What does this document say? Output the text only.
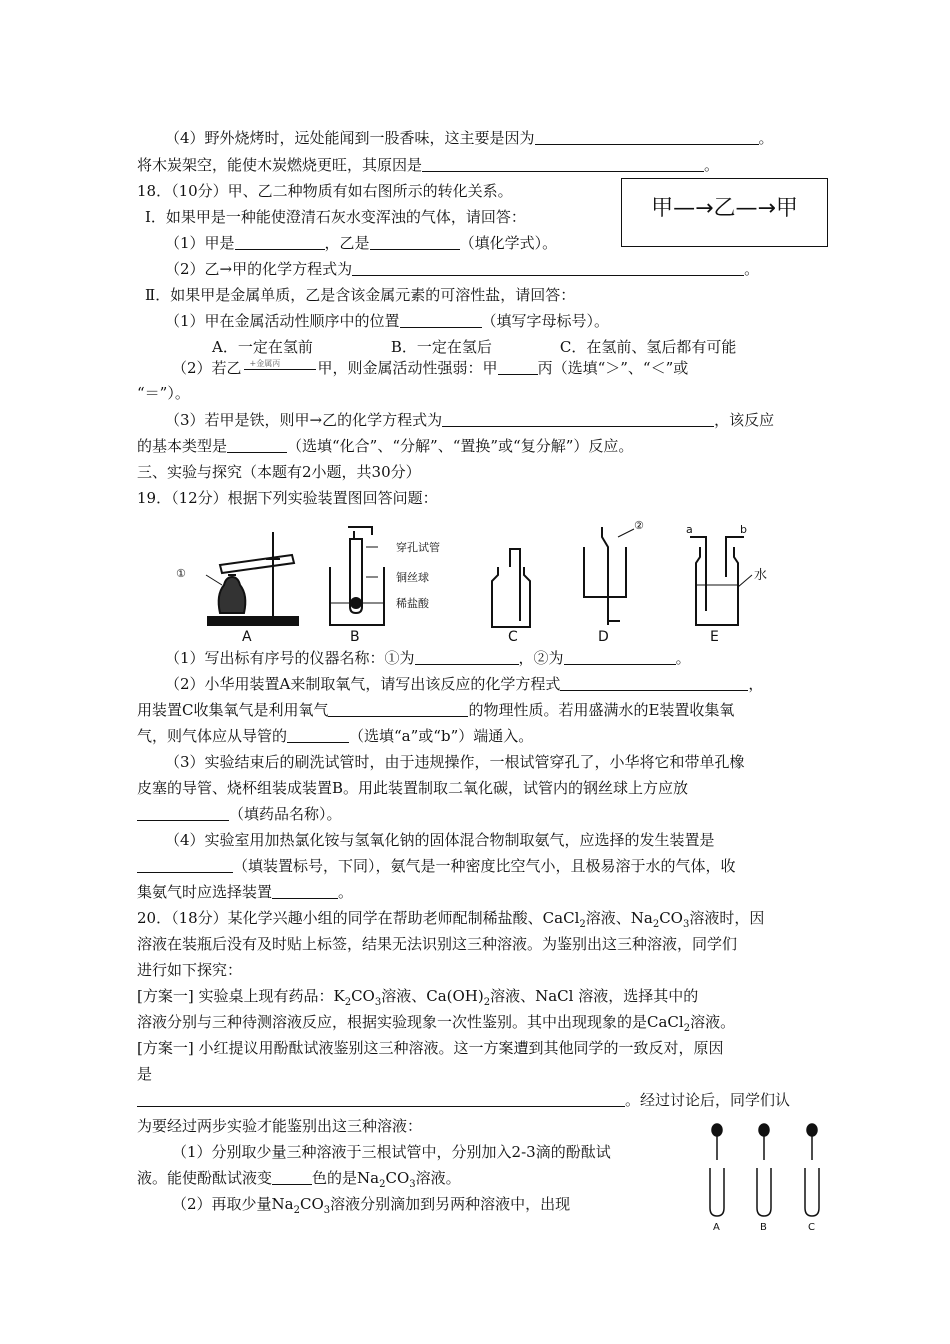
（4）野外烧烤时，远处能闻到一股香味，这主要是因为	。
将木炭架空，能使木炭燃烧更旺，其原因是	。
18．（10分）甲、乙二种物质有如右图所示的转化关系。
甲—→乙—→甲
Ⅰ．如果甲是一种能使澄清石灰水变浑浊的气体，请回答：
（1）甲是	，乙是	（填化学式）。
（2）乙→甲的化学方程式为	。
Ⅱ．如果甲是金属单质，乙是含该金属元素的可溶性盐，请回答：
（1）甲在金属活动性顺序中的位置	（填写字母标号）。
A．一定在氢前	B．一定在氢后	C．在氢前、氢后都有可能
（2）若乙 +金属丙 甲，则金属活动性强弱：甲	丙（选填“＞”、“＜”或
“＝”）。
（3）若甲是铁，则甲→乙的化学方程式为	，该反应
的基本类型是	（选填“化合”、“分解”、“置换”或“复分解”）反应。
三、实验与探究（本题有2小题，共30分）
19．（12分）根据下列实验装置图回答问题：
①
穿孔试管
铜丝球
稀盐酸
②	a	b
水
A	B	C	D	E
（1）写出标有序号的仪器名称：①为	，②为	。
（2）小华用装置A来制取氧气，请写出该反应的化学方程式	，
用装置C收集氧气是利用氧气	的物理性质。若用盛满水的E装置收集氧
气，则气体应从导管的	（选填“a”或“b”）端通入。
（3）实验结束后的刷洗试管时，由于违规操作，一根试管穿孔了，小华将它和带单孔橡
皮塞的导管、烧杯组装成装置B。用此装置制取二氧化碳，试管内的钢丝球上方应放
（填药品名称）。
（4）实验室用加热氯化铵与氢氧化钠的固体混合物制取氨气，应选择的发生装置是
（填装置标号，下同），氨气是一种密度比空气小，且极易溶于水的气体，收
集氨气时应选择装置	。
20．（18分）某化学兴趣小组的同学在帮助老师配制稀盐酸、CaCl$_2$溶液、$Na_2CO_3$溶液时，因
溶液在装瓶后没有及时贴上标签，结果无法识别这三种溶液。为鉴别出这三种溶液，同学们
进行如下探究：
[方案一] 实验桌上现有药品：$K_2CO_3$溶液、$Ca(OH)_2$溶液、NaCl 溶液，选择其中的
溶液分别与三种待测溶液反应，根据实验现象一次性鉴别。其中出现现象的是CaCl$_2$溶液。
[方案一] 小红提议用酚酞试液鉴别这三种溶液。这一方案遭到其他同学的一致反对，原因
是
。经过讨论后，同学们认
为要经过两步实验才能鉴别出这三种溶液：
（1）分别取少量三种溶液于三根试管中，分别加入2-3滴的酚酞试
液。能使酚酞试液变	色的是$Na_2CO_3$溶液。
（2）再取少量$Na_2CO_3$溶液分别滴加到另两种溶液中，出现
A	B	C
